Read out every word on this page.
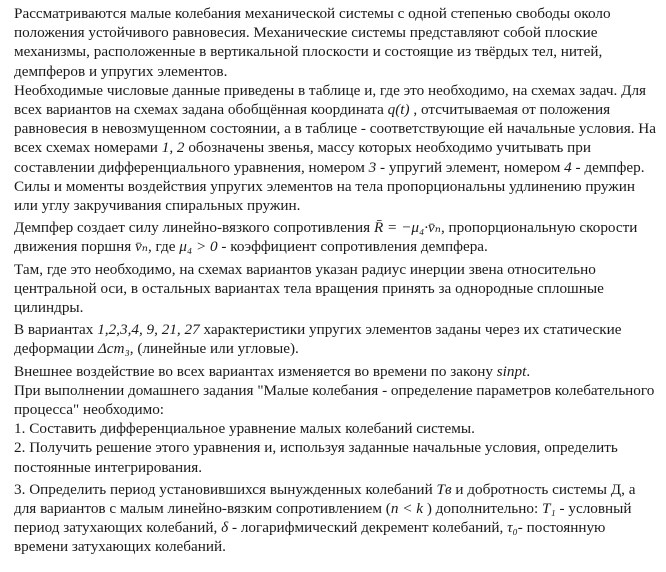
Рассматриваются малые колебания механической системы с одной степенью свободы около положения устойчивого равновесия. Механические системы представляют собой плоские механизмы, расположенные в вертикальной плоскости и состоящие из твёрдых тел, нитей, демпферов и упругих элементов.

Необходимые числовые данные приведены в таблице и, где это необходимо, на схемах задач. Для всех вариантов на схемах задана обобщённая координата q(t) , отсчитываемая от положения равновесия в невозмущенном состоянии, а в таблице - соответствующие ей начальные условия. На всех схемах номерами 1, 2 обозначены звенья, массу которых необходимо учитывать при составлении дифференциального уравнения, номером 3 - упругий элемент, номером 4 - демпфер.

Силы и моменты воздействия упругих элементов на тела пропорциональны удлинению пружин или углу закручивания спиральных пружин.

Демпфер создает силу линейно-вязкого сопротивления R̄ = −μ₄·v̄ₙ, пропорциональную скорости движения поршня v̄ₙ, где μ₄ > 0 - коэффициент сопротивления демпфера.

Там, где это необходимо, на схемах вариантов указан радиус инерции звена относительно центральной оси, в остальных вариантах тела вращения принять за однородные сплошные цилиндры.

В вариантах 1,2,3,4, 9, 21, 27 характеристики упругих элементов заданы через их статические деформации Δст₃, (линейные или угловые).

Внешнее воздействие во всех вариантах изменяется во времени по закону sinpt.

При выполнении домашнего задания "Малые колебания - определение параметров колебательного процесса" необходимо:

1. Составить дифференциальное уравнение малых колебаний системы.

2. Получить решение этого уравнения и, используя заданные начальные условия, определить постоянные интегрирования.

3. Определить период установившихся вынужденных колебаний Tв и добротность системы Д, а для вариантов с малым линейно-вязким сопротивлением (n < k ) дополнительно: T₁ - условный период затухающих колебаний, δ - логарифмический декремент колебаний, τ₀- постоянную времени затухающих колебаний.
